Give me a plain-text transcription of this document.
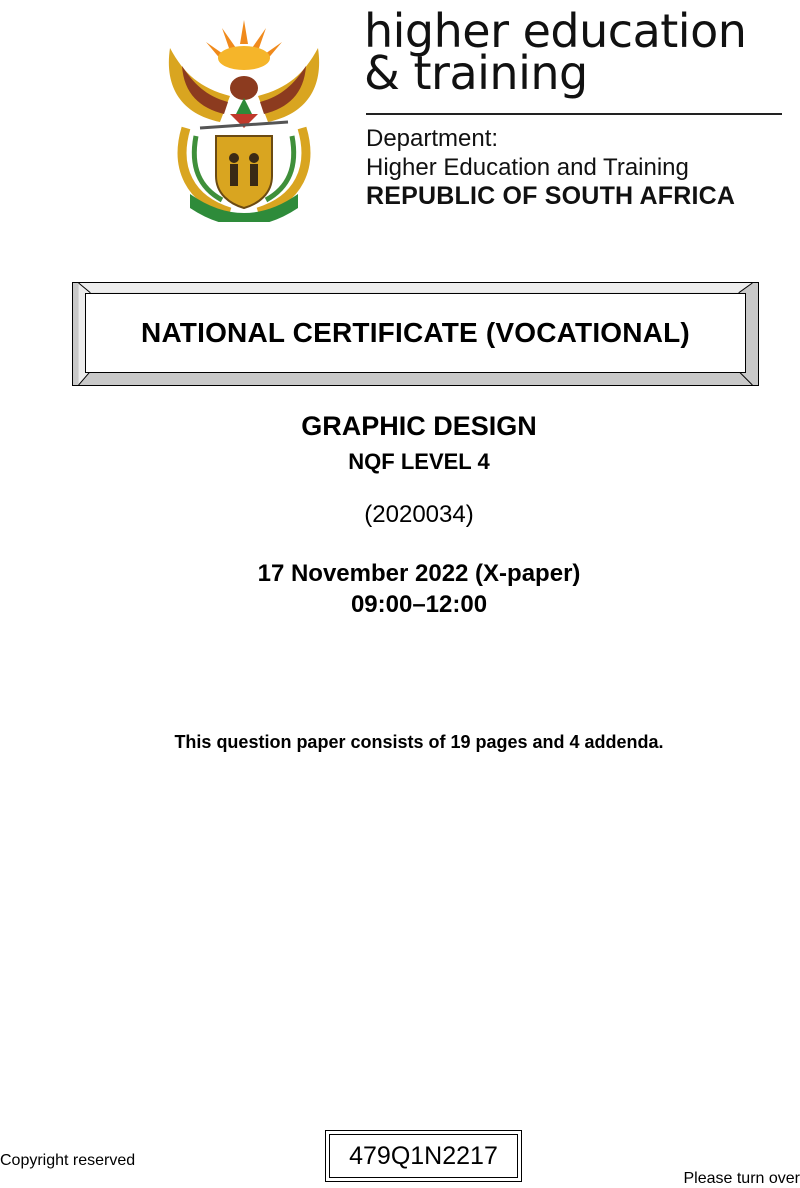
higher education
& training
Department:
Higher Education and Training
REPUBLIC OF SOUTH AFRICA
NATIONAL CERTIFICATE (VOCATIONAL)
GRAPHIC DESIGN
NQF LEVEL 4
(2020034)
17 November 2022 (X-paper)
09:00–12:00
This question paper consists of 19 pages and 4 addenda.
Copyright reserved	479Q1N2217
Please turn over
